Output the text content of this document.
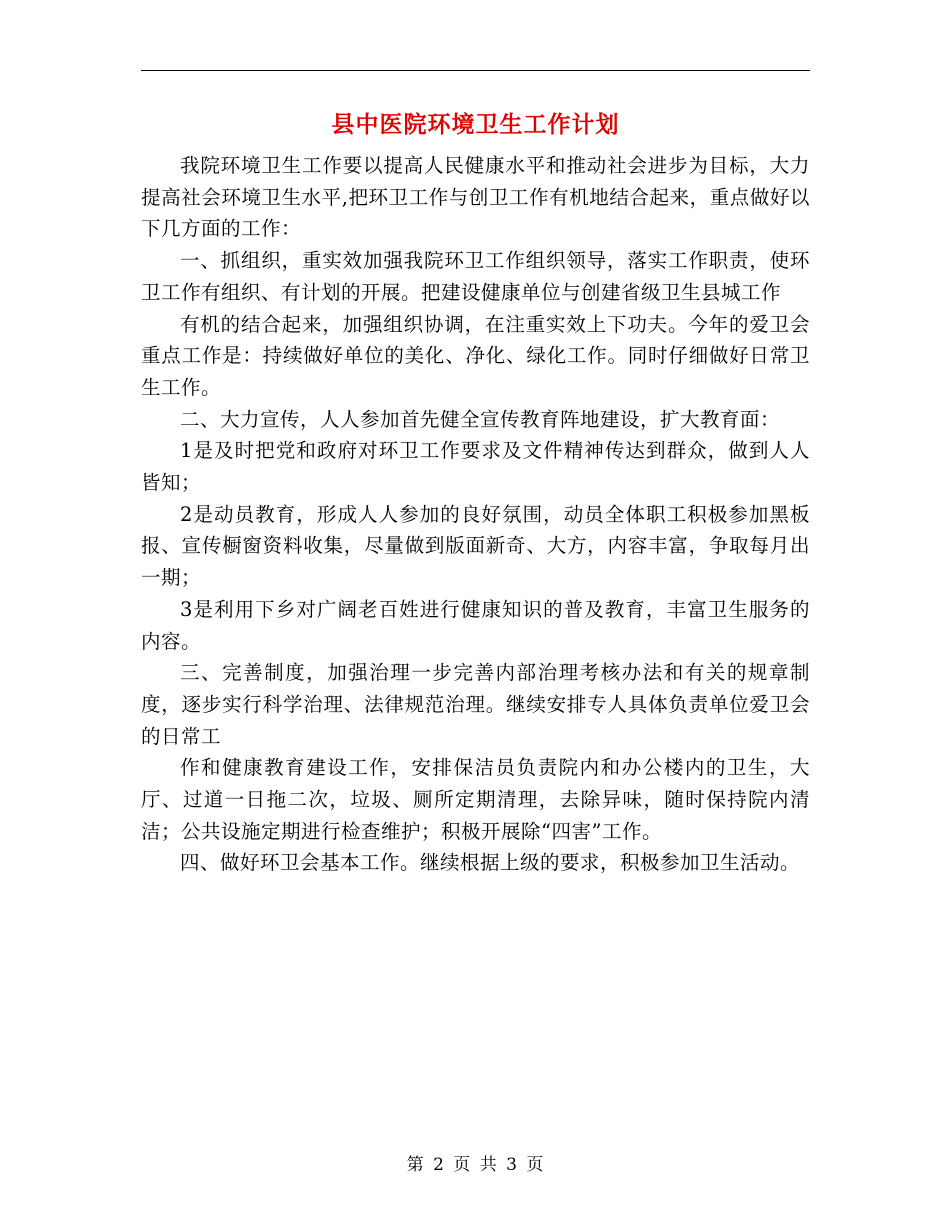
县中医院环境卫生工作计划

我院环境卫生工作要以提高人民健康水平和推动社会进步为目标，大力提高社会环境卫生水平,把环卫工作与创卫工作有机地结合起来，重点做好以下几方面的工作：

一、抓组织，重实效加强我院环卫工作组织领导，落实工作职责，使环卫工作有组织、有计划的开展。把建设健康单位与创建省级卫生县城工作

有机的结合起来，加强组织协调，在注重实效上下功夫。今年的爱卫会重点工作是：持续做好单位的美化、净化、绿化工作。同时仔细做好日常卫生工作。

二、大力宣传，人人参加首先健全宣传教育阵地建设，扩大教育面：

1是及时把党和政府对环卫工作要求及文件精神传达到群众，做到人人皆知；

2是动员教育，形成人人参加的良好氛围，动员全体职工积极参加黑板报、宣传橱窗资料收集，尽量做到版面新奇、大方，内容丰富，争取每月出一期；

3是利用下乡对广阔老百姓进行健康知识的普及教育，丰富卫生服务的内容。

三、完善制度，加强治理一步完善内部治理考核办法和有关的规章制度，逐步实行科学治理、法律规范治理。继续安排专人具体负责单位爱卫会的日常工

作和健康教育建设工作，安排保洁员负责院内和办公楼内的卫生，大厅、过道一日拖二次，垃圾、厕所定期清理，去除异味，随时保持院内清洁；公共设施定期进行检查维护；积极开展除“四害”工作。

四、做好环卫会基本工作。继续根据上级的要求，积极参加卫生活动。

第 2 页 共 3 页
